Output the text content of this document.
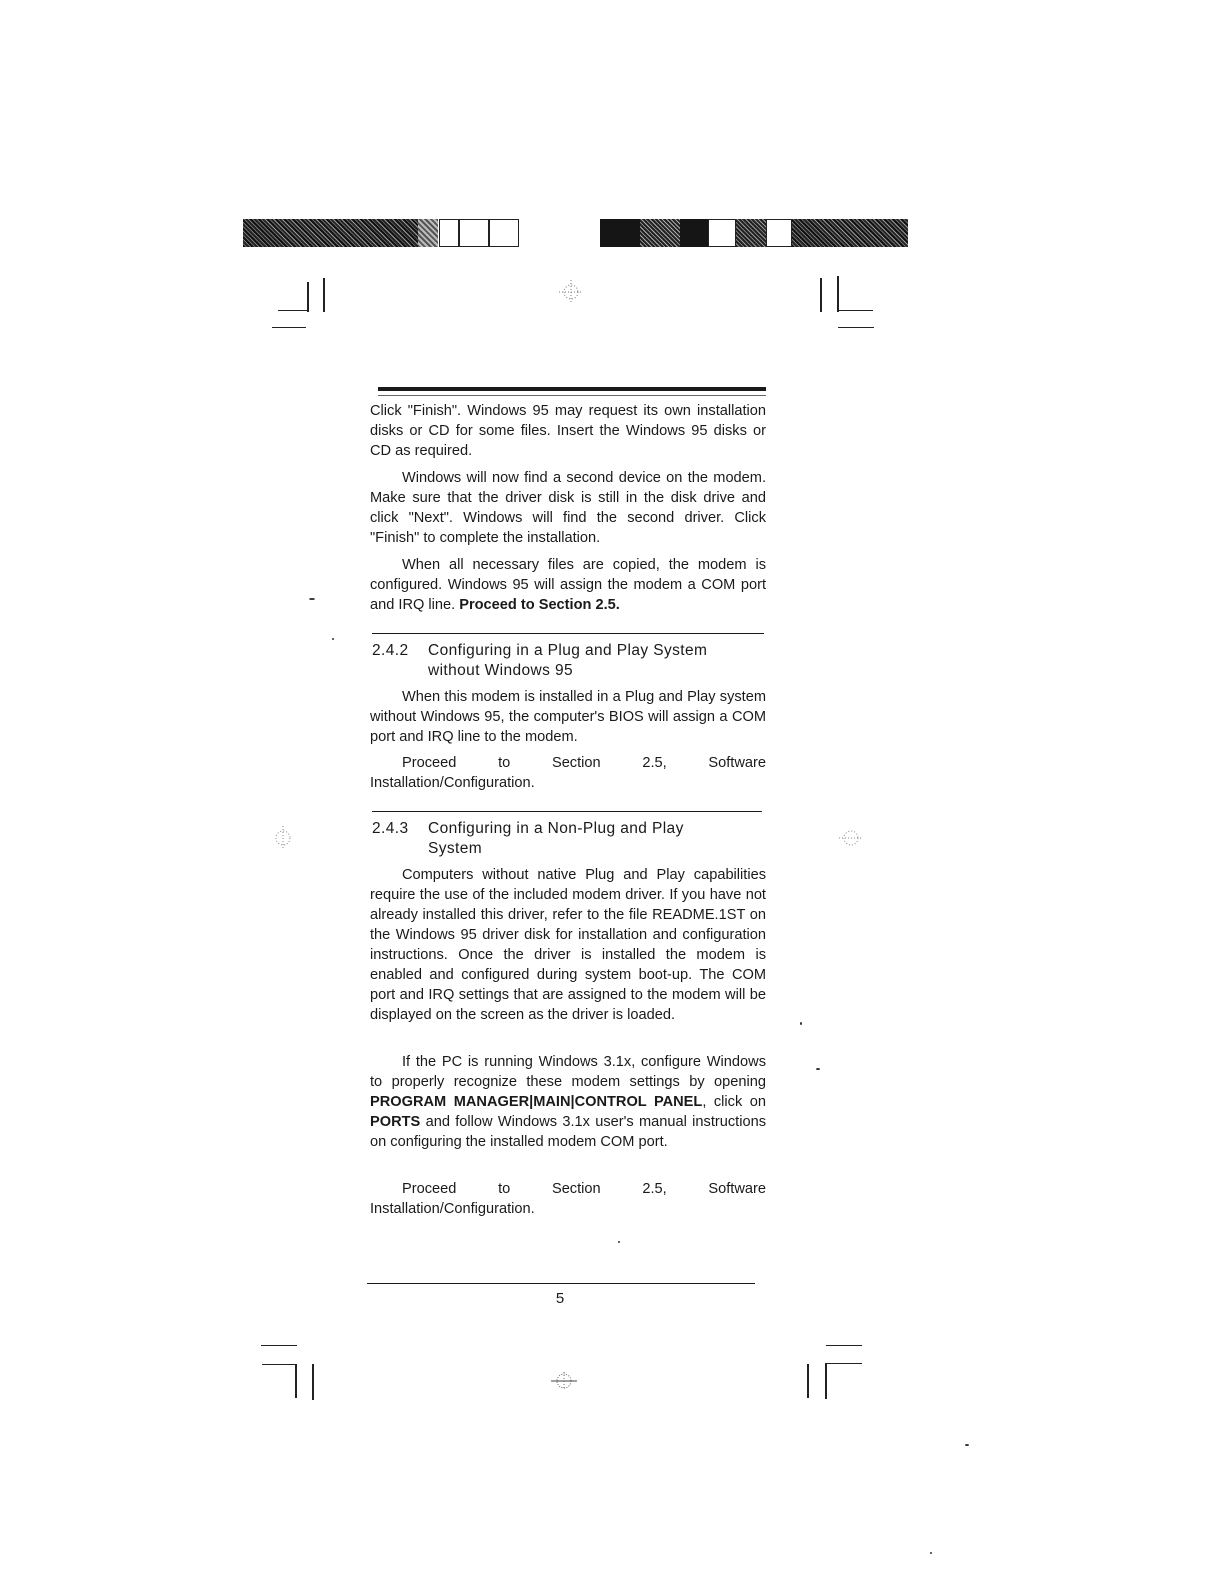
Click "Finish". Windows 95 may request its own installation disks or CD for some files. Insert the Windows 95 disks or CD as required.

Windows will now find a second device on the modem. Make sure that the driver disk is still in the disk drive and click "Next". Windows will find the second driver. Click "Finish" to complete the installation.

When all necessary files are copied, the modem is configured. Windows 95 will assign the modem a COM port and IRQ line. Proceed to Section 2.5.

2.4.2 Configuring in a Plug and Play System
without Windows 95

When this modem is installed in a Plug and Play system without Windows 95, the computer's BIOS will assign a COM port and IRQ line to the modem.

Proceed to Section 2.5, Software Installation/Configuration.

2.4.3 Configuring in a Non-Plug and Play
System

Computers without native Plug and Play capabilities require the use of the included modem driver. If you have not already installed this driver, refer to the file README.1ST on the Windows 95 driver disk for installation and configuration instructions. Once the driver is installed the modem is enabled and configured during system boot-up. The COM port and IRQ settings that are assigned to the modem will be displayed on the screen as the driver is loaded.

If the PC is running Windows 3.1x, configure Windows to properly recognize these modem settings by opening PROGRAM MANAGER|MAIN|CONTROL PANEL, click on PORTS and follow Windows 3.1x user's manual instructions on configuring the installed modem COM port.

Proceed to Section 2.5, Software Installation/Configuration.

5
